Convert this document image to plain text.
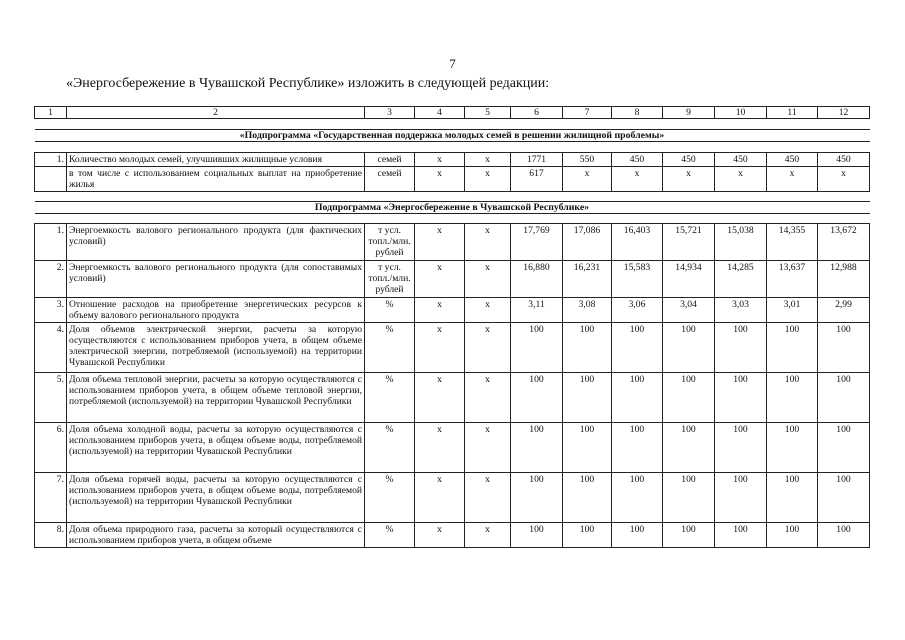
7
«Энергосбережение в Чувашской Республике» изложить в следующей редакции:
1	2	3	4	5	6	7	8	9	10	11	12

«Подпрограмма «Государственная поддержка молодых семей в решении жилищной проблемы»											

1.	Количество молодых семей, улучшивших жилищные условия	семей	х	х	1771	550	450	450	450	450	450
	в том числе с использованием социальных выплат на приобретение жилья	семей	х	х	617	х	х	х	х	х	х

Подпрограмма «Энергосбережение в Чувашской Республике»											

1.	Энергоемкость валового регионального продукта (для фактических условий)	т усл. топл./млн. рублей	х	х	17,769	17,086	16,403	15,721	15,038	14,355	13,672
2.	Энергоемкость валового регионального продукта (для сопоставимых условий)	т усл. топл./млн. рублей	х	х	16,880	16,231	15,583	14,934	14,285	13,637	12,988
3.	Отношение расходов на приобретение энергетических ресурсов к объему валового регионального продукта	%	х	х	3,11	3,08	3,06	3,04	3,03	3,01	2,99
4.	Доля объемов электрической энергии, расчеты за которую осуществляются с использованием приборов учета, в общем объеме электрической энергии, потребляемой (используемой) на территории Чувашской Республики	%	х	х	100	100	100	100	100	100	100
5.	Доля объема тепловой энергии, расчеты за которую осуществляются с использованием приборов учета, в общем объеме тепловой энергии, потребляемой (используемой) на территории Чувашской Республики	%	х	х	100	100	100	100	100	100	100
6.	Доля объема холодной воды, расчеты за которую осуществляются с использованием приборов учета, в общем объеме воды, потребляемой (используемой) на территории Чувашской Республики	%	х	х	100	100	100	100	100	100	100
7.	Доля объема горячей воды, расчеты за которую осуществляются с использованием приборов учета, в общем объеме воды, потребляемой (используемой) на территории Чувашской Республики	%	х	х	100	100	100	100	100	100	100
8.	Доля объема природного газа, расчеты за который осуществляются с использованием приборов учета, в общем объеме	%	х	х	100	100	100	100	100	100	100
